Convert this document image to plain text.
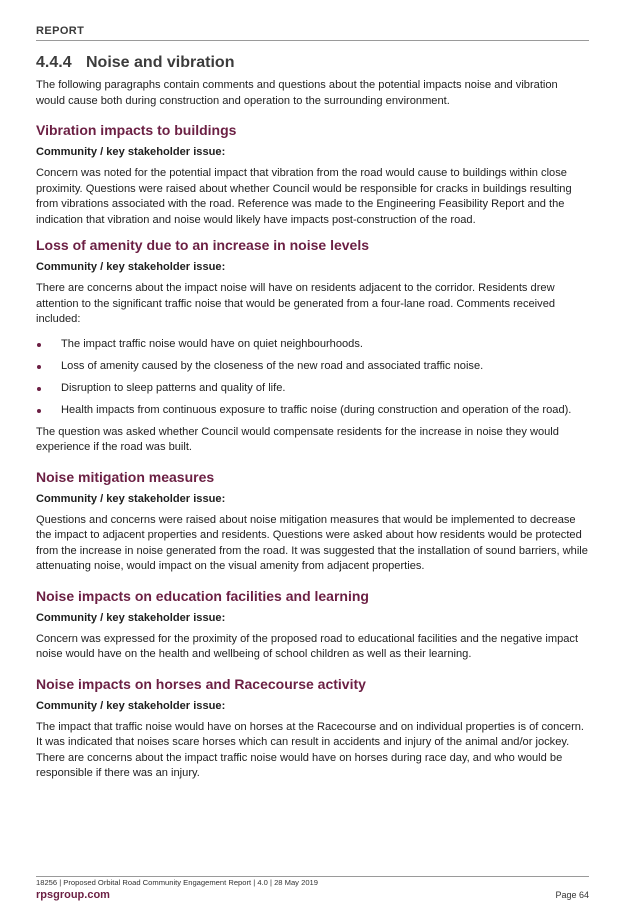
REPORT
4.4.4 Noise and vibration

The following paragraphs contain comments and questions about the potential impacts noise and vibration would cause both during construction and operation to the surrounding environment.

Vibration impacts to buildings
Community / key stakeholder issue:

Concern was noted for the potential impact that vibration from the road would cause to buildings within close proximity. Questions were raised about whether Council would be responsible for cracks in buildings resulting from vibrations associated with the road. Reference was made to the Engineering Feasibility Report and the indication that vibration and noise would likely have impacts post-construction of the road.

Loss of amenity due to an increase in noise levels
Community / key stakeholder issue:

There are concerns about the impact noise will have on residents adjacent to the corridor. Residents drew attention to the significant traffic noise that would be generated from a four-lane road. Comments received included:

The impact traffic noise would have on quiet neighbourhoods.
Loss of amenity caused by the closeness of the new road and associated traffic noise.
Disruption to sleep patterns and quality of life.
Health impacts from continuous exposure to traffic noise (during construction and operation of the road).

The question was asked whether Council would compensate residents for the increase in noise they would experience if the road was built.

Noise mitigation measures
Community / key stakeholder issue:

Questions and concerns were raised about noise mitigation measures that would be implemented to decrease the impact to adjacent properties and residents. Questions were asked about how residents would be protected from the increase in noise generated from the road. It was suggested that the installation of sound barriers, while attenuating noise, would impact on the visual amenity from adjacent properties.

Noise impacts on education facilities and learning
Community / key stakeholder issue:

Concern was expressed for the proximity of the proposed road to educational facilities and the negative impact noise would have on the health and wellbeing of school children as well as their learning.

Noise impacts on horses and Racecourse activity
Community / key stakeholder issue:

The impact that traffic noise would have on horses at the Racecourse and on individual properties is of concern. It was indicated that noises scare horses which can result in accidents and injury of the animal and/or jockey. There are concerns about the impact traffic noise would have on horses during race day, and who would be responsible if there was an injury.

18256 | Proposed Orbital Road Community Engagement Report | 4.0 | 28 May 2019
rpsgroup.com	Page 64
